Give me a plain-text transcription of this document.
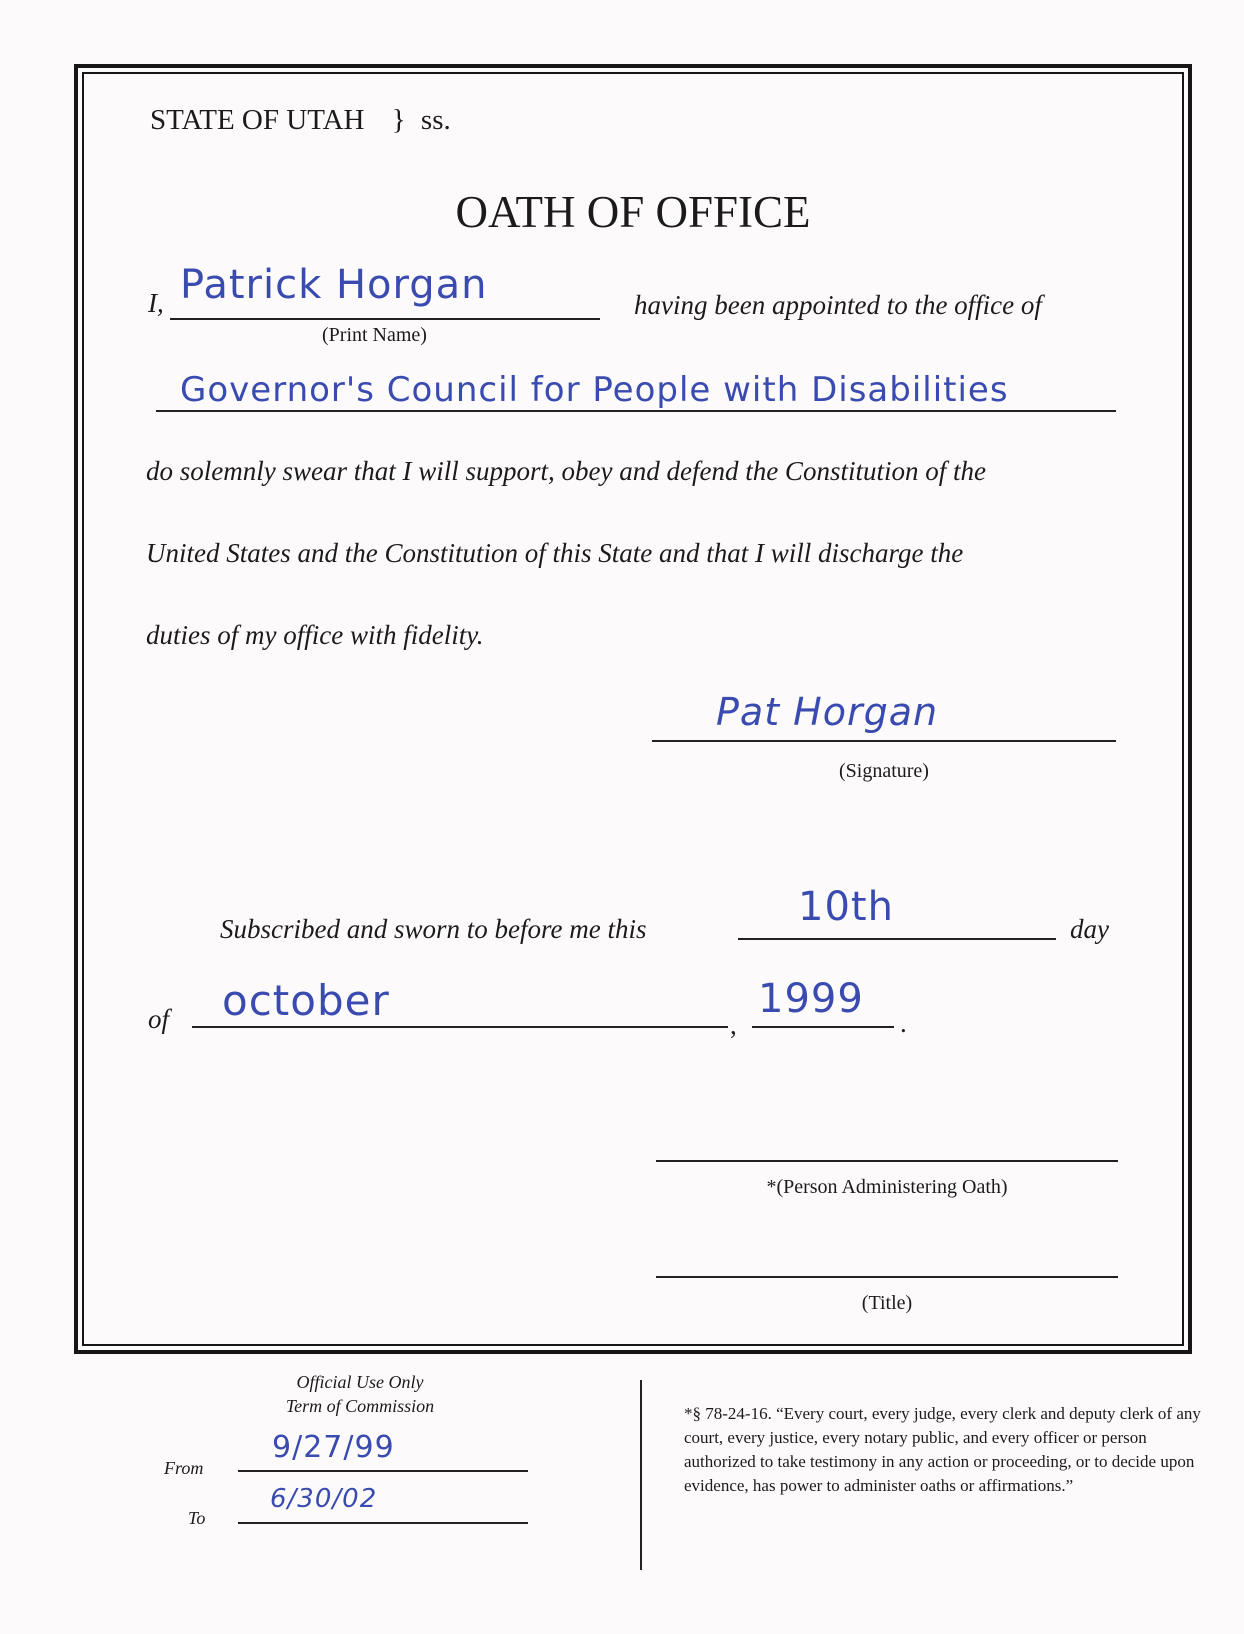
STATE OF UTAH } ss.
OATH OF OFFICE
I, Patrick Horgan
(Print Name)
having been appointed to the office of
Governor's Council for People with Disabilities
do solemnly swear that I will support, obey and defend the Constitution of the
United States and the Constitution of this State and that I will discharge the
duties of my office with fidelity.
Pat Horgan
(Signature)
Subscribed and sworn to before me this	10th	day
of october	,
1999
.
*(Person Administering Oath)
(Title)
Official Use Only
Term of Commission
From
9/27/99
To
6/30/02
*§ 78-24-16. “Every court, every judge, every clerk and deputy clerk of any court, every justice, every notary public, and every officer or person authorized to take testimony in any action or proceeding, or to decide upon evidence, has power to administer oaths or affirmations.”
